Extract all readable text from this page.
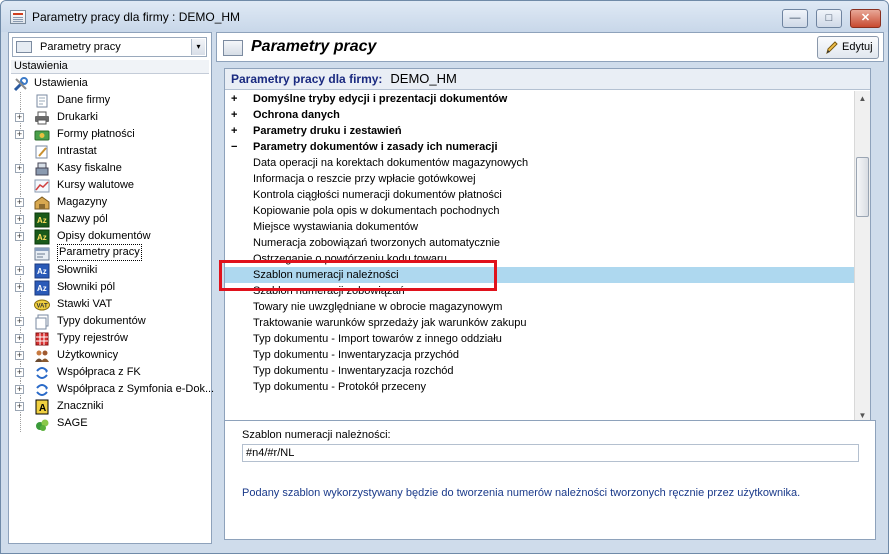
Parametry pracy dla firmy : DEMO_HM	—	□	✕
Parametry pracy	▾
Ustawienia
Ustawienia
Dane firmy
+	Drukarki
+	Formy płatności
Intrastat
+	Kasy fiskalne
Kursy walutowe
+	Magazyny
+ Az Nazwy pól
+ Az Opisy dokumentów
Parametry pracy
+ Az Słowniki
+ Az Słowniki pól
VAT Stawki VAT
+	Typy dokumentów
+	Typy rejestrów
+	Użytkownicy
+	Współpraca z FK
+	Współpraca z Symfonia e-Dok...
+ A Znaczniki
SAGE
Parametry pracy	Edytuj
Parametry pracy dla firmy: DEMO_HM
+ Domyślne tryby edycji i prezentacji dokumentów
+ Ochrona danych
+ Parametry druku i zestawień
− Parametry dokumentów i zasady ich numeracji
Data operacji na korektach dokumentów magazynowych
Informacja o reszcie przy wpłacie gotówkowej
Kontrola ciągłości numeracji dokumentów płatności
Kopiowanie pola opis w dokumentach pochodnych
Miejsce wystawiania dokumentów
Numeracja zobowiązań tworzonych automatycznie
Ostrzeganie o powtórzeniu kodu towaru
Szablon numeracji należności
Szablon numeracji zobowiązań
Towary nie uwzględniane w obrocie magazynowym
Traktowanie warunków sprzedaży jak warunków zakupu
Typ dokumentu - Import towarów z innego oddziału
Typ dokumentu - Inwentaryzacja przychód
Typ dokumentu - Inwentaryzacja rozchód
Typ dokumentu - Protokół przeceny
▲
▼
Szablon numeracji należności:
#n4/#r/NL
Podany szablon wykorzystywany będzie do tworzenia numerów należności tworzonych ręcznie przez użytkownika.
